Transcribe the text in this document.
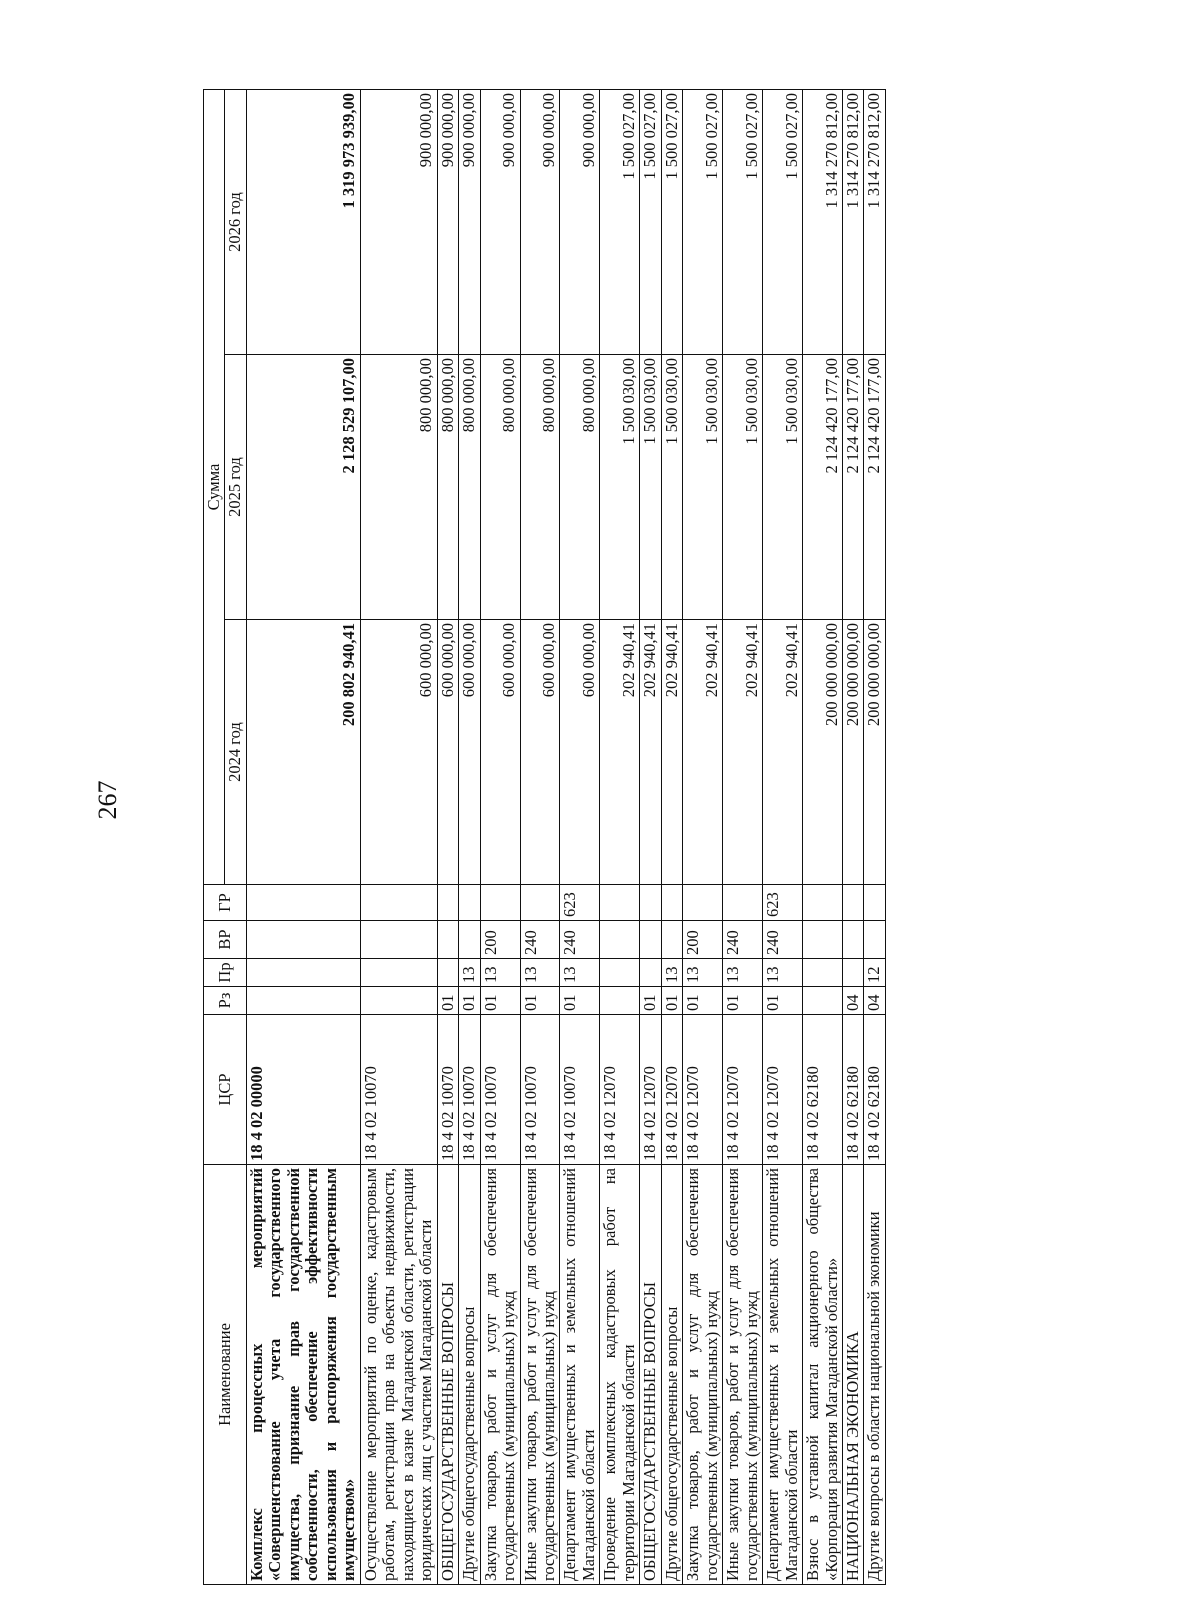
267
Наименование	ЦСР	Рз	Пр	ВР	ГР	Сумма		
						2024 год	2025 год	2026 год
Комплекс процессных мероприятий «Совершенствование учета государственного имущества, признание прав государственной собственности, обеспечение эффективности использования и распоряжения государственным имуществом»	18 4 02 00000					200 802 940,41	2 128 529 107,00	1 319 973 939,00
Осуществление мероприятий по оценке, кадастровым работам, регистрации прав на объекты недвижимости, находящиеся в казне Магаданской области, регистрации юридических лиц с участием Магаданской области	18 4 02 10070					600 000,00	800 000,00	900 000,00
ОБЩЕГОСУДАРСТВЕННЫЕ ВОПРОСЫ	18 4 02 10070	01				600 000,00	800 000,00	900 000,00
Другие общегосударственные вопросы	18 4 02 10070	01	13			600 000,00	800 000,00	900 000,00
Закупка товаров, работ и услуг для обеспечения государственных (муниципальных) нужд	18 4 02 10070	01	13	200		600 000,00	800 000,00	900 000,00
Иные закупки товаров, работ и услуг для обеспечения государственных (муниципальных) нужд	18 4 02 10070	01	13	240		600 000,00	800 000,00	900 000,00
Департамент имущественных и земельных отношений Магаданской области	18 4 02 10070	01	13	240	623	600 000,00	800 000,00	900 000,00
Проведение комплексных кадастровых работ на территории Магаданской области	18 4 02 12070					202 940,41	1 500 030,00	1 500 027,00
ОБЩЕГОСУДАРСТВЕННЫЕ ВОПРОСЫ	18 4 02 12070	01				202 940,41	1 500 030,00	1 500 027,00
Другие общегосударственные вопросы	18 4 02 12070	01	13			202 940,41	1 500 030,00	1 500 027,00
Закупка товаров, работ и услуг для обеспечения государственных (муниципальных) нужд	18 4 02 12070	01	13	200		202 940,41	1 500 030,00	1 500 027,00
Иные закупки товаров, работ и услуг для обеспечения государственных (муниципальных) нужд	18 4 02 12070	01	13	240		202 940,41	1 500 030,00	1 500 027,00
Департамент имущественных и земельных отношений Магаданской области	18 4 02 12070	01	13	240	623	202 940,41	1 500 030,00	1 500 027,00
Взнос в уставной капитал акционерного общества «Корпорация развития Магаданской области»	18 4 02 62180					200 000 000,00	2 124 420 177,00	1 314 270 812,00
НАЦИОНАЛЬНАЯ ЭКОНОМИКА	18 4 02 62180	04				200 000 000,00	2 124 420 177,00	1 314 270 812,00
Другие вопросы в области национальной экономики	18 4 02 62180	04	12			200 000 000,00	2 124 420 177,00	1 314 270 812,00
